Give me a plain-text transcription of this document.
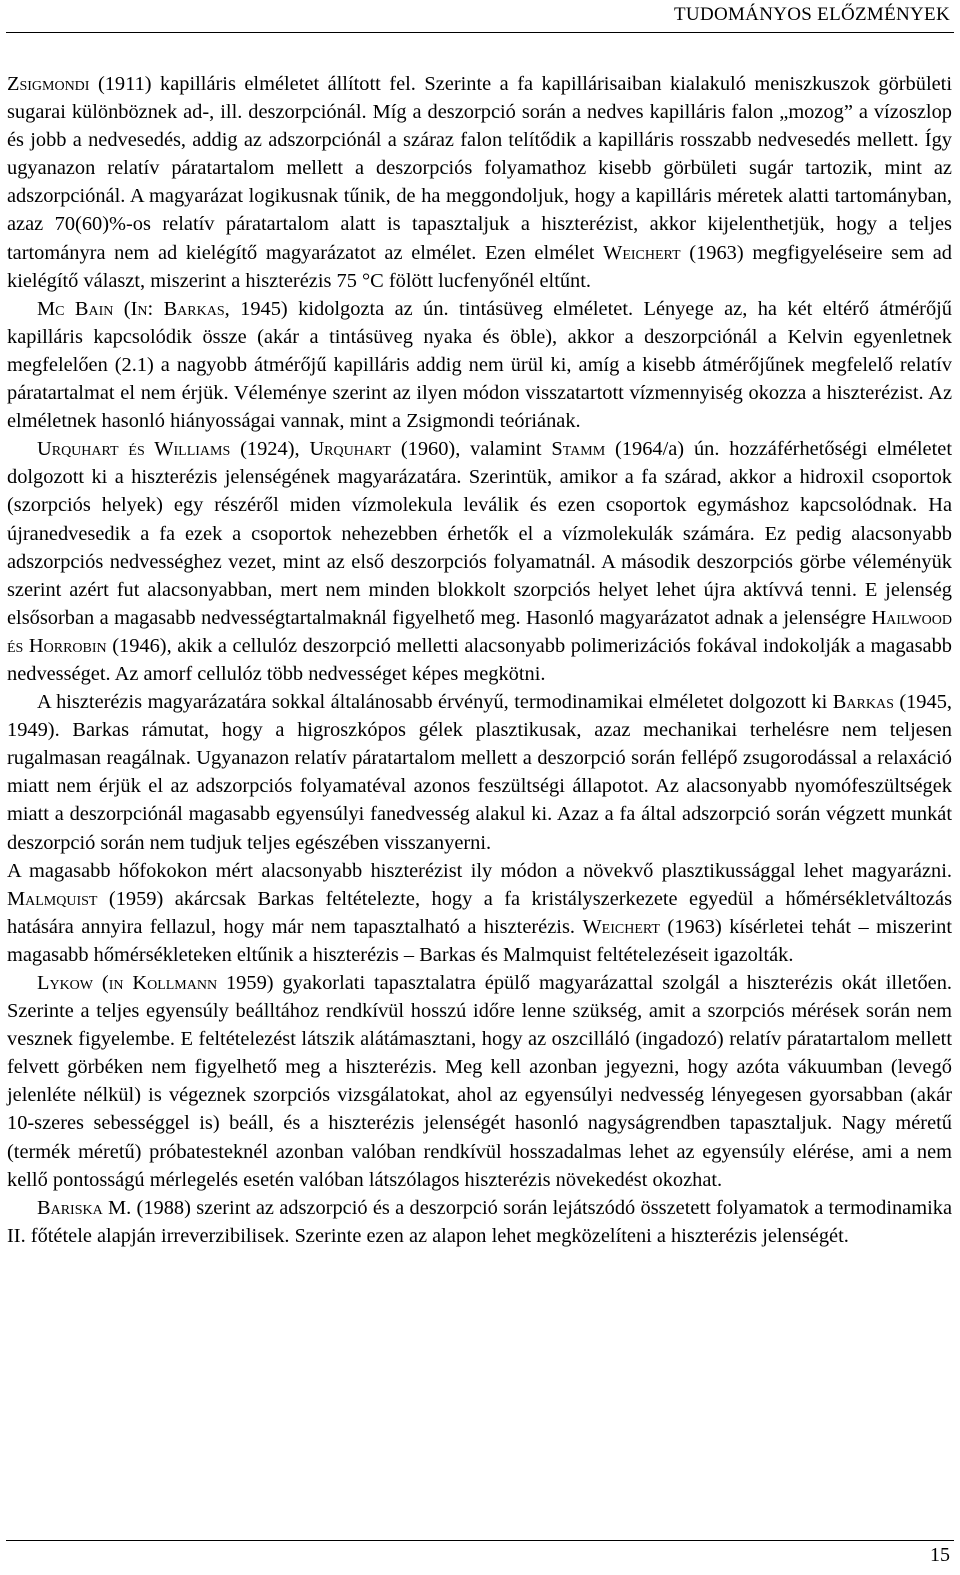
TUDOMÁNYOS ELŐZMÉNYEK

Zsigmondi (1911) kapilláris elméletet állított fel. Szerinte a fa kapillárisaiban kialakuló meniszkuszok görbületi sugarai különböznek ad-, ill. deszorpciónál. Míg a deszorpció során a nedves kapilláris falon „mozog” a vízoszlop és jobb a nedvesedés, addig az adszorpciónál a száraz falon telítődik a kapilláris rosszabb nedvesedés mellett. Így ugyanazon relatív páratartalom mellett a deszorpciós folyamathoz kisebb görbületi sugár tartozik, mint az adszorpciónál. A magyarázat logikusnak tűnik, de ha meggondoljuk, hogy a kapilláris méretek alatti tartományban, azaz 70(60)%-os relatív páratartalom alatt is tapasztaljuk a hiszterézist, akkor kijelenthetjük, hogy a teljes tartományra nem ad kielégítő magyarázatot az elmélet. Ezen elmélet Weichert (1963) megfigyeléseire sem ad kielégítő választ, miszerint a hiszterézis 75 °C fölött lucfenyőnél eltűnt.

Mc Bain (In: Barkas, 1945) kidolgozta az ún. tintásüveg elméletet. Lényege az, ha két eltérő átmérőjű kapilláris kapcsolódik össze (akár a tintásüveg nyaka és öble), akkor a deszorpciónál a Kelvin egyenletnek megfelelően (2.1) a nagyobb átmérőjű kapilláris addig nem ürül ki, amíg a kisebb átmérőjűnek megfelelő relatív páratartalmat el nem érjük. Véleménye szerint az ilyen módon visszatartott vízmennyiség okozza a hiszterézist. Az elméletnek hasonló hiányosságai vannak, mint a Zsigmondi teóriának.

Urquhart és Williams (1924), Urquhart (1960), valamint Stamm (1964/a) ún. hozzáférhetőségi elméletet dolgozott ki a hiszterézis jelenségének magyarázatára. Szerintük, amikor a fa szárad, akkor a hidroxil csoportok (szorpciós helyek) egy részéről miden vízmolekula leválik és ezen csoportok egymáshoz kapcsolódnak. Ha újranedvesedik a fa ezek a csoportok nehezebben érhetők el a vízmolekulák számára. Ez pedig alacsonyabb adszorpciós nedvességhez vezet, mint az első deszorpciós folyamatnál. A második deszorpciós görbe véleményük szerint azért fut alacsonyabban, mert nem minden blokkolt szorpciós helyet lehet újra aktívvá tenni. E jelenség elsősorban a magasabb nedvességtartalmaknál figyelhető meg. Hasonló magyarázatot adnak a jelenségre Hailwood és Horrobin (1946), akik a cellulóz deszorpció melletti alacsonyabb polimerizációs fokával indokolják a magasabb nedvességet. Az amorf cellulóz több nedvességet képes megkötni.

A hiszterézis magyarázatára sokkal általánosabb érvényű, termodinamikai elméletet dolgozott ki Barkas (1945, 1949). Barkas rámutat, hogy a higroszkópos gélek plasztikusak, azaz mechanikai terhelésre nem teljesen rugalmasan reagálnak. Ugyanazon relatív páratartalom mellett a deszorpció során fellépő zsugorodással a relaxáció miatt nem érjük el az adszorpciós folyamatéval azonos feszültségi állapotot. Az alacsonyabb nyomófeszültségek miatt a deszorpciónál magasabb egyensúlyi fanedvesség alakul ki. Azaz a fa által adszorpció során végzett munkát deszorpció során nem tudjuk teljes egészében visszanyerni.

A magasabb hőfokokon mért alacsonyabb hiszterézist ily módon a növekvő plasztikussággal lehet magyarázni. Malmquist (1959) akárcsak Barkas feltételezte, hogy a fa kristályszerkezete egyedül a hőmérsékletváltozás hatására annyira fellazul, hogy már nem tapasztalható a hiszterézis. Weichert (1963) kísérletei tehát – miszerint magasabb hőmérsékleteken eltűnik a hiszterézis – Barkas és Malmquist feltételezéseit igazolták.

Lykow (in Kollmann 1959) gyakorlati tapasztalatra épülő magyarázattal szolgál a hiszterézis okát illetően. Szerinte a teljes egyensúly beálltához rendkívül hosszú időre lenne szükség, amit a szorpciós mérések során nem vesznek figyelembe. E feltételezést látszik alátámasztani, hogy az oszcilláló (ingadozó) relatív páratartalom mellett felvett görbéken nem figyelhető meg a hiszterézis. Meg kell azonban jegyezni, hogy azóta vákuumban (levegő jelenléte nélkül) is végeznek szorpciós vizsgálatokat, ahol az egyensúlyi nedvesség lényegesen gyorsabban (akár 10-szeres sebességgel is) beáll, és a hiszterézis jelenségét hasonló nagyságrendben tapasztaljuk. Nagy méretű (termék méretű) próbatesteknél azonban valóban rendkívül hosszadalmas lehet az egyensúly elérése, ami a nem kellő pontosságú mérlegelés esetén valóban látszólagos hiszterézis növekedést okozhat.

Bariska M. (1988) szerint az adszorpció és a deszorpció során lejátszódó összetett folyamatok a termodinamika II. főtétele alapján irreverzibilisek. Szerinte ezen az alapon lehet megközelíteni a hiszterézis jelenségét.

15
